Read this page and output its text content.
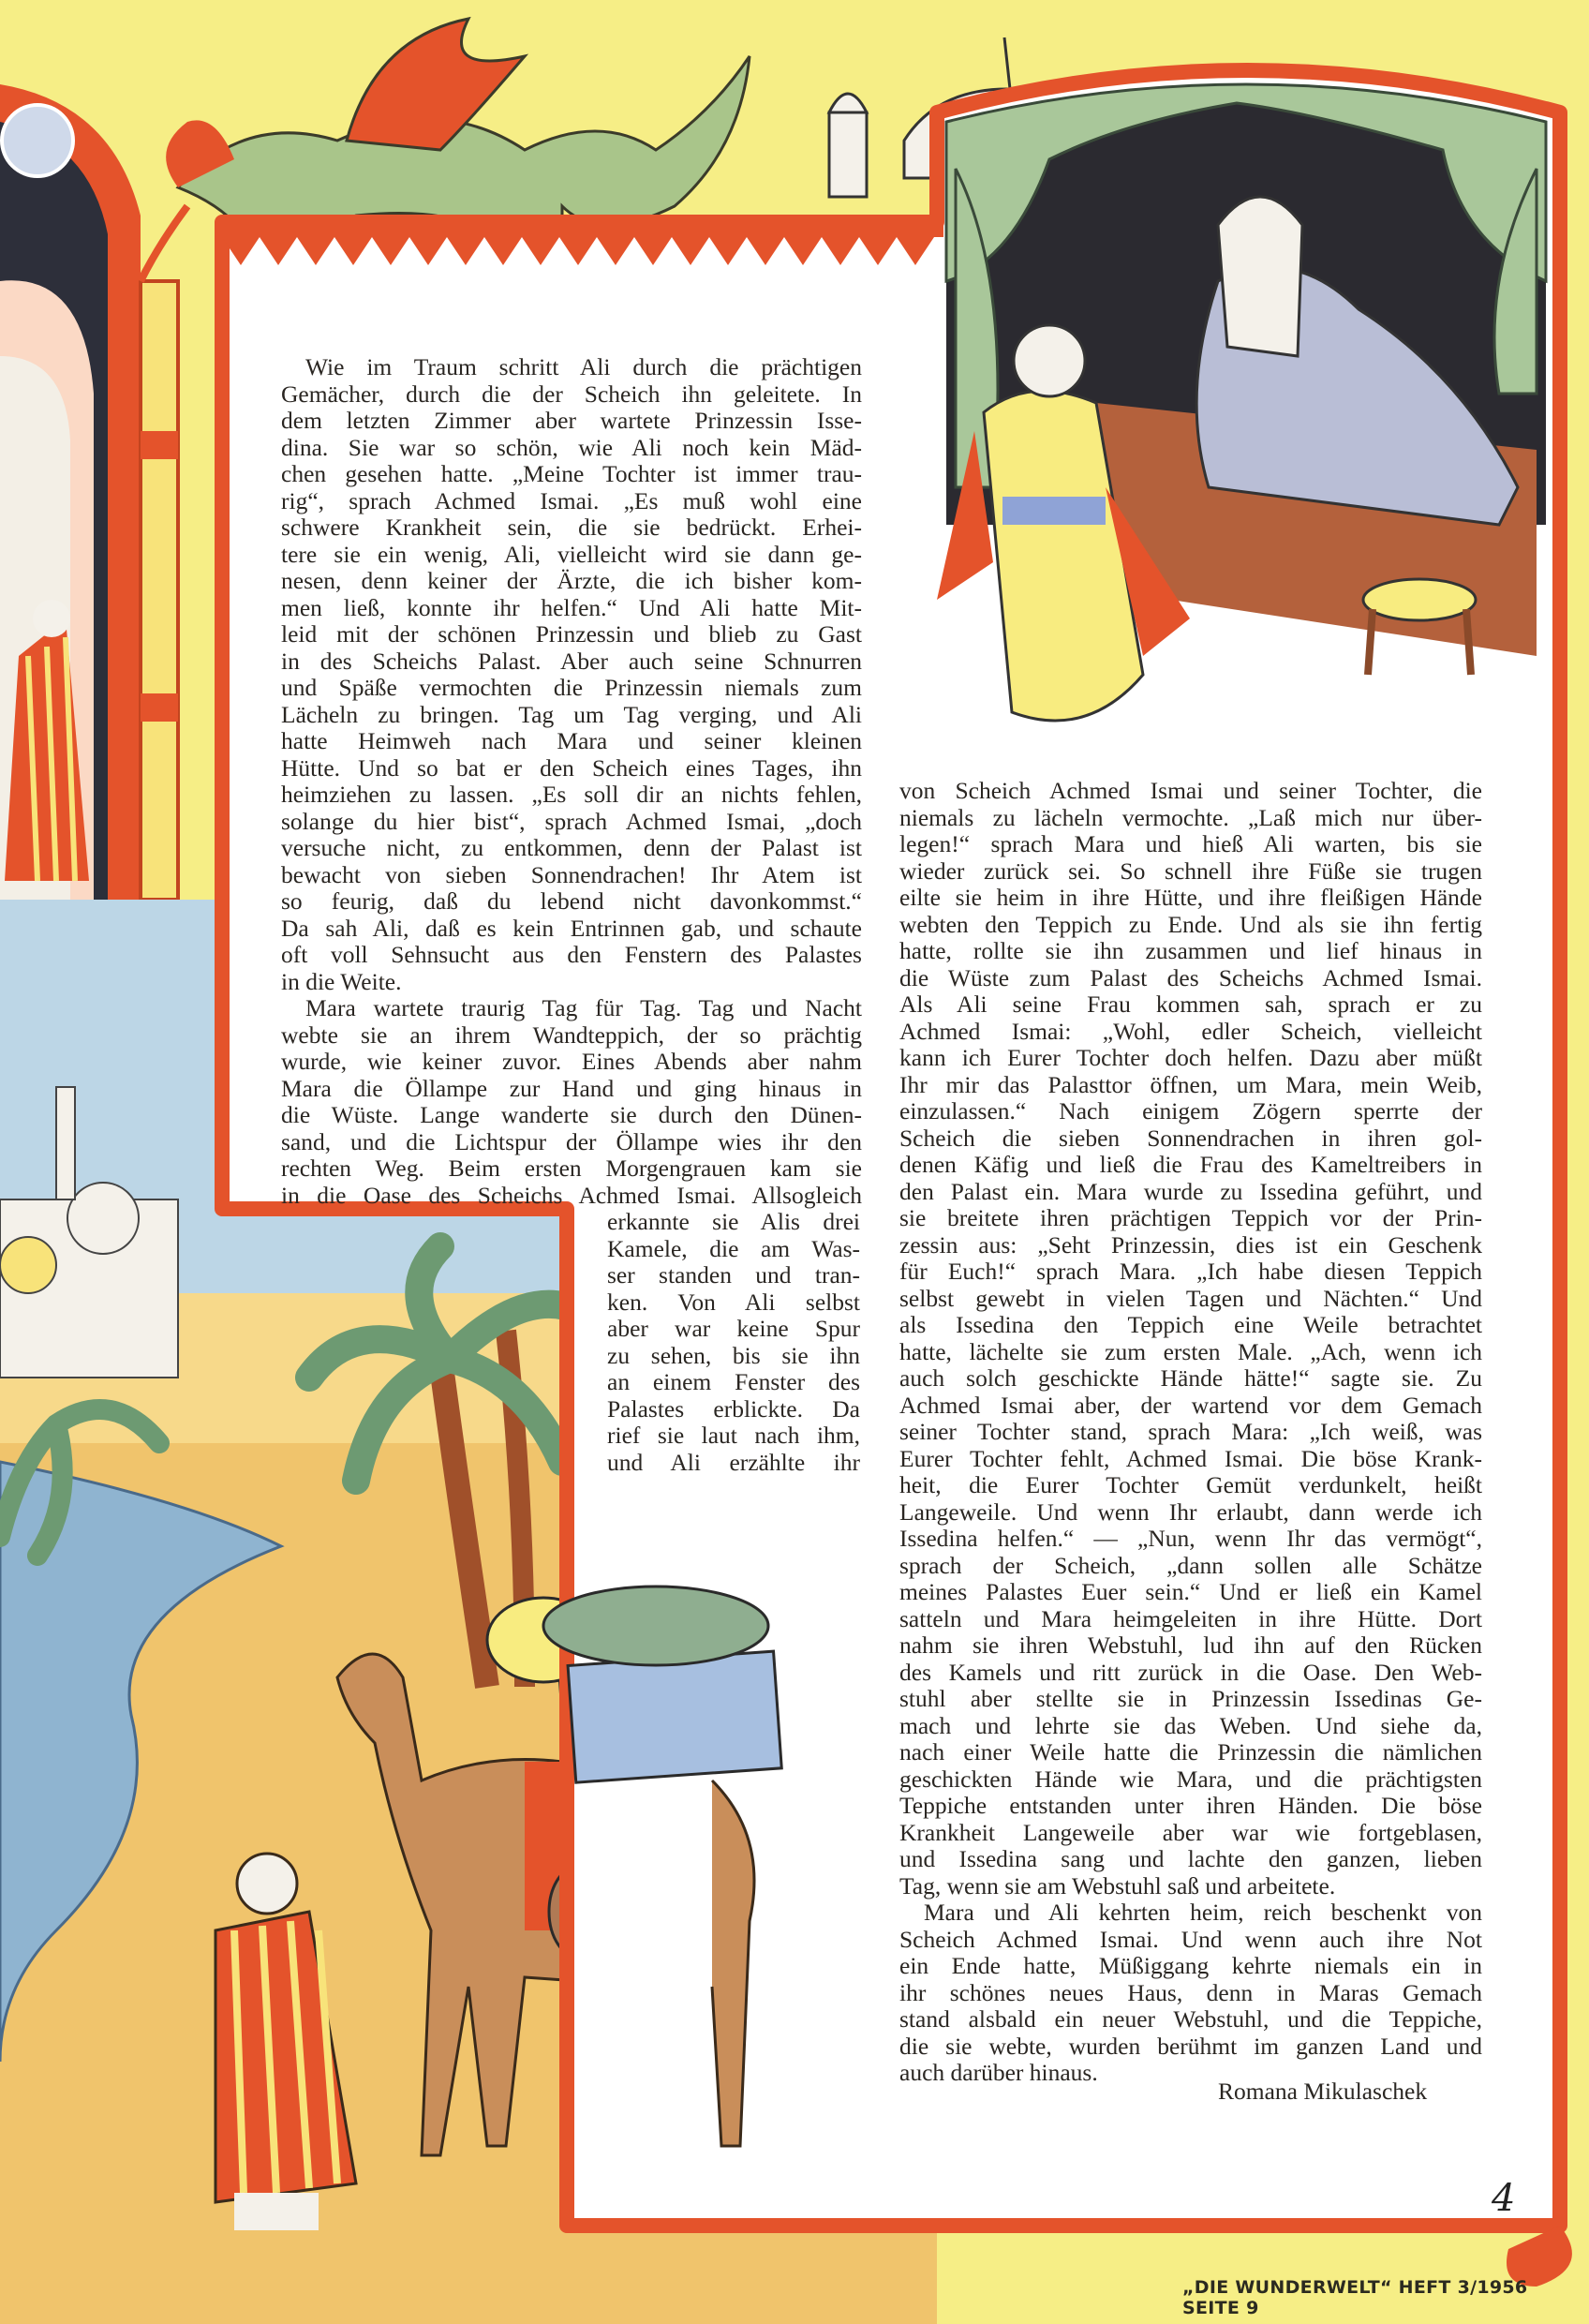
Wie im Traum schritt Ali durch die prächtigen
Gemächer, durch die der Scheich ihn geleitete. In
dem letzten Zimmer aber wartete Prinzessin Isse-
dina. Sie war so schön, wie Ali noch kein Mäd-
chen gesehen hatte. „Meine Tochter ist immer trau-
rig“, sprach Achmed Ismai. „Es muß wohl eine
schwere Krankheit sein, die sie bedrückt. Erhei-
tere sie ein wenig, Ali, vielleicht wird sie dann ge-
nesen, denn keiner der Ärzte, die ich bisher kom-
men ließ, konnte ihr helfen.“ Und Ali hatte Mit-
leid mit der schönen Prinzessin und blieb zu Gast
in des Scheichs Palast. Aber auch seine Schnurren
und Späße vermochten die Prinzessin niemals zum
Lächeln zu bringen. Tag um Tag verging, und Ali
hatte Heimweh nach Mara und seiner kleinen
Hütte. Und so bat er den Scheich eines Tages, ihn
heimziehen zu lassen. „Es soll dir an nichts fehlen,
solange du hier bist“, sprach Achmed Ismai, „doch
versuche nicht, zu entkommen, denn der Palast ist
bewacht von sieben Sonnendrachen! Ihr Atem ist
so feurig, daß du lebend nicht davonkommst.“
Da sah Ali, daß es kein Entrinnen gab, und schaute
oft voll Sehnsucht aus den Fenstern des Palastes
in die Weite.
Mara wartete traurig Tag für Tag. Tag und Nacht
webte sie an ihrem Wandteppich, der so prächtig
wurde, wie keiner zuvor. Eines Abends aber nahm
Mara die Öllampe zur Hand und ging hinaus in
die Wüste. Lange wanderte sie durch den Dünen-
sand, und die Lichtspur der Öllampe wies ihr den
rechten Weg. Beim ersten Morgengrauen kam sie
in die Oase des Scheichs Achmed Ismai. Allsogleich
erkannte sie Alis drei
Kamele, die am Was-
ser standen und tran-
ken. Von Ali selbst
aber war keine Spur
zu sehen, bis sie ihn
an einem Fenster des
Palastes erblickte. Da
rief sie laut nach ihm,
und Ali erzählte ihr
von Scheich Achmed Ismai und seiner Tochter, die
niemals zu lächeln vermochte. „Laß mich nur über-
legen!“ sprach Mara und hieß Ali warten, bis sie
wieder zurück sei. So schnell ihre Füße sie trugen
eilte sie heim in ihre Hütte, und ihre fleißigen Hände
webten den Teppich zu Ende. Und als sie ihn fertig
hatte, rollte sie ihn zusammen und lief hinaus in
die Wüste zum Palast des Scheichs Achmed Ismai.
Als Ali seine Frau kommen sah, sprach er zu
Achmed Ismai: „Wohl, edler Scheich, vielleicht
kann ich Eurer Tochter doch helfen. Dazu aber müßt
Ihr mir das Palasttor öffnen, um Mara, mein Weib,
einzulassen.“ Nach einigem Zögern sperrte der
Scheich die sieben Sonnendrachen in ihren gol-
denen Käfig und ließ die Frau des Kameltreibers in
den Palast ein. Mara wurde zu Issedina geführt, und
sie breitete ihren prächtigen Teppich vor der Prin-
zessin aus: „Seht Prinzessin, dies ist ein Geschenk
für Euch!“ sprach Mara. „Ich habe diesen Teppich
selbst gewebt in vielen Tagen und Nächten.“ Und
als Issedina den Teppich eine Weile betrachtet
hatte, lächelte sie zum ersten Male. „Ach, wenn ich
auch solch geschickte Hände hätte!“ sagte sie. Zu
Achmed Ismai aber, der wartend vor dem Gemach
seiner Tochter stand, sprach Mara: „Ich weiß, was
Eurer Tochter fehlt, Achmed Ismai. Die böse Krank-
heit, die Eurer Tochter Gemüt verdunkelt, heißt
Langeweile. Und wenn Ihr erlaubt, dann werde ich
Issedina helfen.“ — „Nun, wenn Ihr das vermögt“,
sprach der Scheich, „dann sollen alle Schätze
meines Palastes Euer sein.“ Und er ließ ein Kamel
satteln und Mara heimgeleiten in ihre Hütte. Dort
nahm sie ihren Webstuhl, lud ihn auf den Rücken
des Kamels und ritt zurück in die Oase. Den Web-
stuhl aber stellte sie in Prinzessin Issedinas Ge-
mach und lehrte sie das Weben. Und siehe da,
nach einer Weile hatte die Prinzessin die nämlichen
geschickten Hände wie Mara, und die prächtigsten
Teppiche entstanden unter ihren Händen. Die böse
Krankheit Langeweile aber war wie fortgeblasen,
und Issedina sang und lachte den ganzen, lieben
Tag, wenn sie am Webstuhl saß und arbeitete.
Mara und Ali kehrten heim, reich beschenkt von
Scheich Achmed Ismai. Und wenn auch ihre Not
ein Ende hatte, Müßiggang kehrte niemals ein in
ihr schönes neues Haus, denn in Maras Gemach
stand alsbald ein neuer Webstuhl, und die Teppiche,
die sie webte, wurden berühmt im ganzen Land und
auch darüber hinaus.
Romana Mikulaschek
4
„DIE WUNDERWELT“ HEFT 3/1956 SEITE 9
